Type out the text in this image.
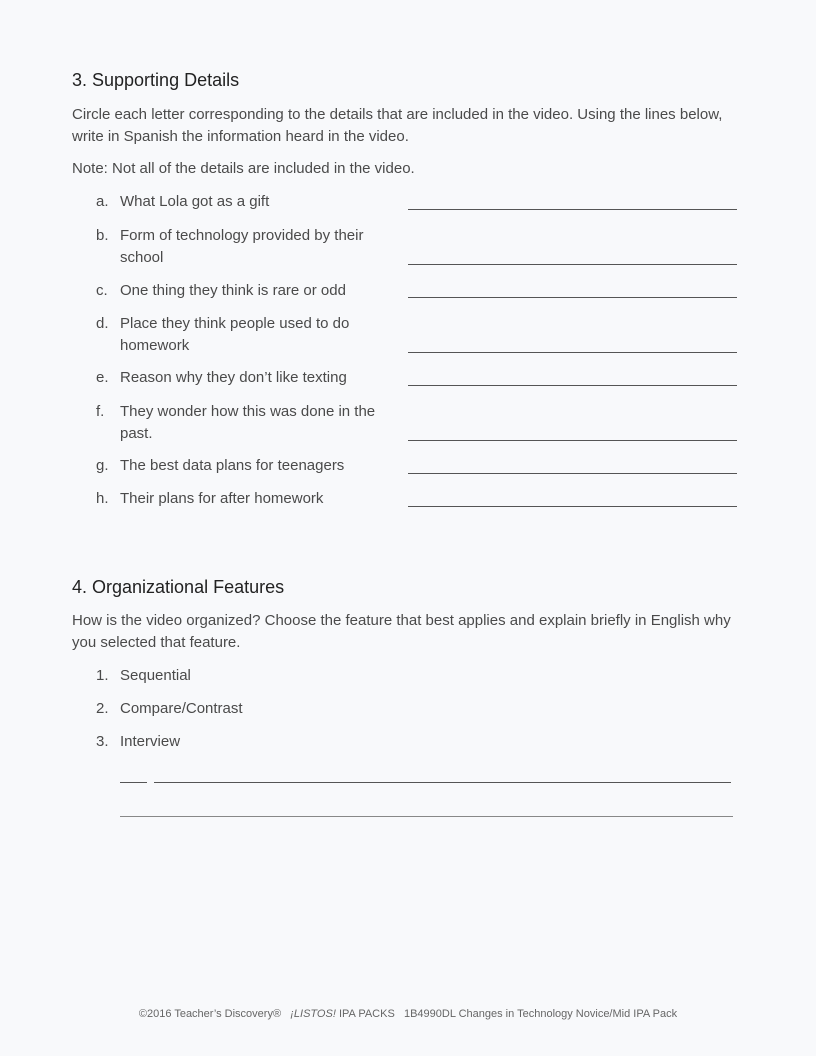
3. Supporting Details

Circle each letter corresponding to the details that are included in the video. Using the lines below, write in Spanish the information heard in the video.

Note: Not all of the details are included in the video.

a. What Lola got as a gift
b. Form of technology provided by their school
c. One thing they think is rare or odd
d. Place they think people used to do homework
e. Reason why they don’t like texting
f. They wonder how this was done in the past.
g. The best data plans for teenagers
h. Their plans for after homework
4. Organizational Features

How is the video organized? Choose the feature that best applies and explain briefly in English why you selected that feature.

1. Sequential
2. Compare/Contrast
3. Interview
©2016 Teacher’s Discovery® ¡LISTOS! IPA PACKS   1B4990DL Changes in Technology Novice/Mid IPA Pack
